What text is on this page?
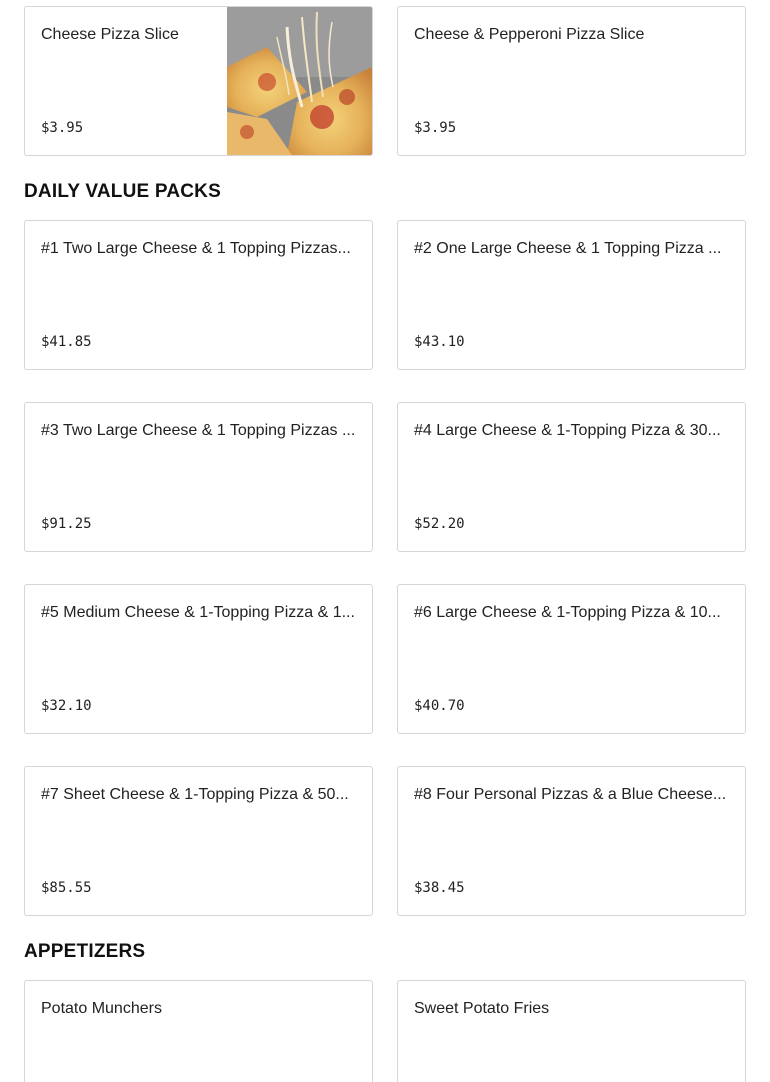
Cheese Pizza Slice
$3.95
Cheese & Pepperoni Pizza Slice
$3.95
DAILY VALUE PACKS
#1 Two Large Cheese & 1 Topping Pizzas...
$41.85
#2 One Large Cheese & 1 Topping Pizza ...
$43.10
#3 Two Large Cheese & 1 Topping Pizzas ...
$91.25
#4 Large Cheese & 1-Topping Pizza & 30...
$52.20
#5 Medium Cheese & 1-Topping Pizza & 1...
$32.10
#6 Large Cheese & 1-Topping Pizza & 10...
$40.70
#7 Sheet Cheese & 1-Topping Pizza & 50...
$85.55
#8 Four Personal Pizzas & a Blue Cheese...
$38.45
APPETIZERS
Potato Munchers	Sweet Potato Fries
